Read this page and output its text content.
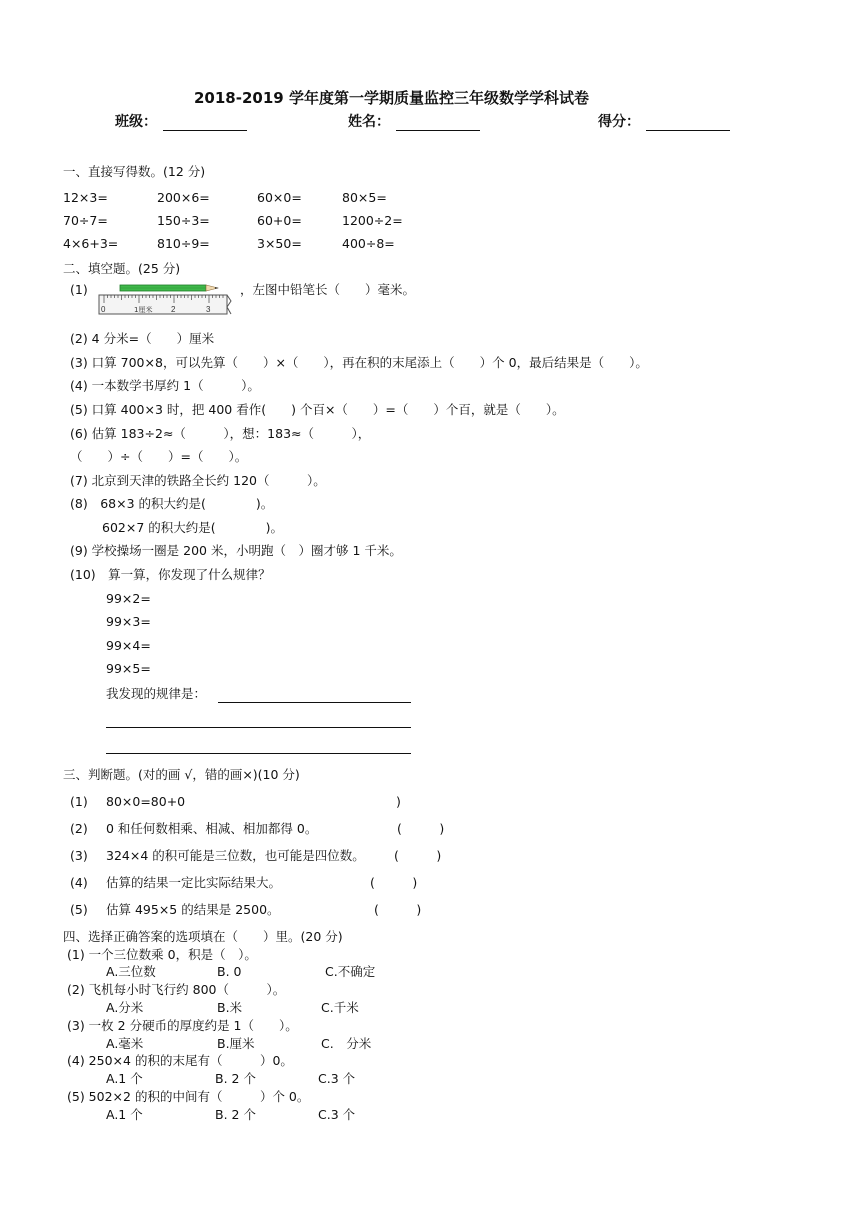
2018-2019 学年度第一学期质量监控三年级数学学科试卷
班级：	姓名：	得分：
一、直接写得数。(12 分)
12×3=	200×6=	60×0=	80×5=
70÷7=	150÷3=	60+0=	1200÷2=
4×6+3=	810÷9=	3×50=	400÷8=
二、填空题。(25 分)
(1)
0	1厘米 2	3
，左图中铅笔长（　　）毫米。
(2) 4 分米=（　　）厘米
(3) 口算 700×8，可以先算（　　）×（　　），再在积的末尾添上（　　）个 0，最后结果是（　　）。
(4) 一本数学书厚约 1（　　　）。
(5) 口算 400×3 时，把 400 看作(　　) 个百×（　　）=（　　）个百，就是（　　）。
(6) 估算 183÷2≈（　　　），想：183≈（　　　），
（　　）÷（　　）=（　　）。
(7) 北京到天津的铁路全长约 120（　　　）。
(8)　68×3 的积大约是(　　　　)。
602×7 的积大约是(　　　　)。
(9) 学校操场一圈是 200 米，小明跑（　）圈才够 1 千米。
(10)　算一算，你发现了什么规律？
99×2=
99×3=
99×4=
99×5=
我发现的规律是：
三、判断题。(对的画 √，错的画×)(10 分)
(1) 80×0=80+0	)
(2) 0 和任何数相乘、相减、相加都得 0。	(　　　)
(3) 324×4 的积可能是三位数，也可能是四位数。 (　　　)
(4) 估算的结果一定比实际结果大。	(　　　)
(5) 估算 495×5 的结果是 2500。	(　　　)
四、选择正确答案的选项填在（　　）里。(20 分)
(1) 一个三位数乘 0，积是（　）。
A.三位数	B. 0	C.不确定
(2) 飞机每小时飞行约 800（　　　）。
A.分米	B.米	C.千米
(3) 一枚 2 分硬币的厚度约是 1（　　）。
A.毫米	B.厘米	C.　分米
(4) 250×4 的积的末尾有（　　　）0。
A.1 个	B. 2 个	C.3 个
(5) 502×2 的积的中间有（　　　）个 0。
A.1 个	B. 2 个	C.3 个
